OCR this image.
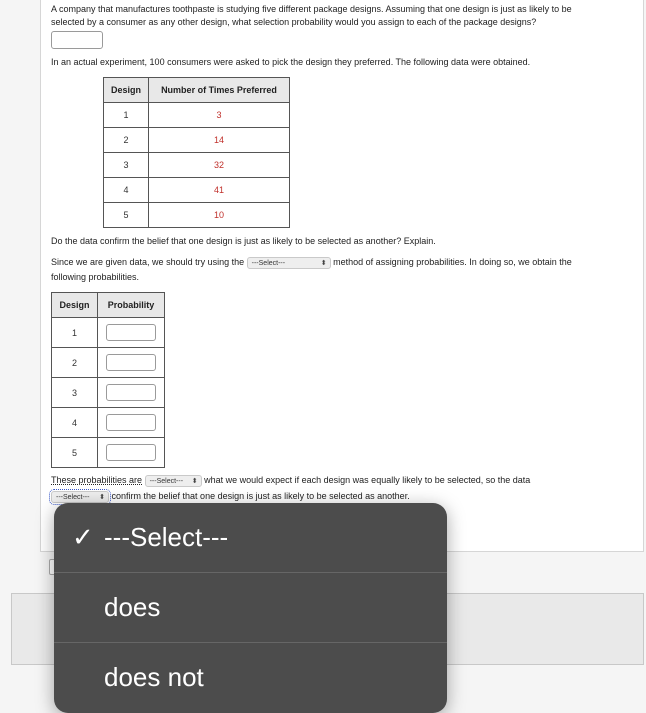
A company that manufactures toothpaste is studying five different package designs. Assuming that one design is just as likely to be
selected by a consumer as any other design, what selection probability would you assign to each of the package designs?
In an actual experiment, 100 consumers were asked to pick the design they preferred. The following data were obtained.
Design	Number of Times Preferred
1	3
2	14
3	32
4	41
5	10
Do the data confirm the belief that one design is just as likely to be selected as another? Explain.
Since we are given data, we should try using the ---Select---	⬍ method of assigning probabilities. In doing so, we obtain the
following probabilities.
Design	Probability
1	
2	
3	
4	
5	
These probabilities are ---Select--- ⬍ what we would expect if each design was equally likely to be selected, so the data
---Select--- ⬍ confirm the belief that one design is just as likely to be selected as another.
✓ ---Select---
does
does not
